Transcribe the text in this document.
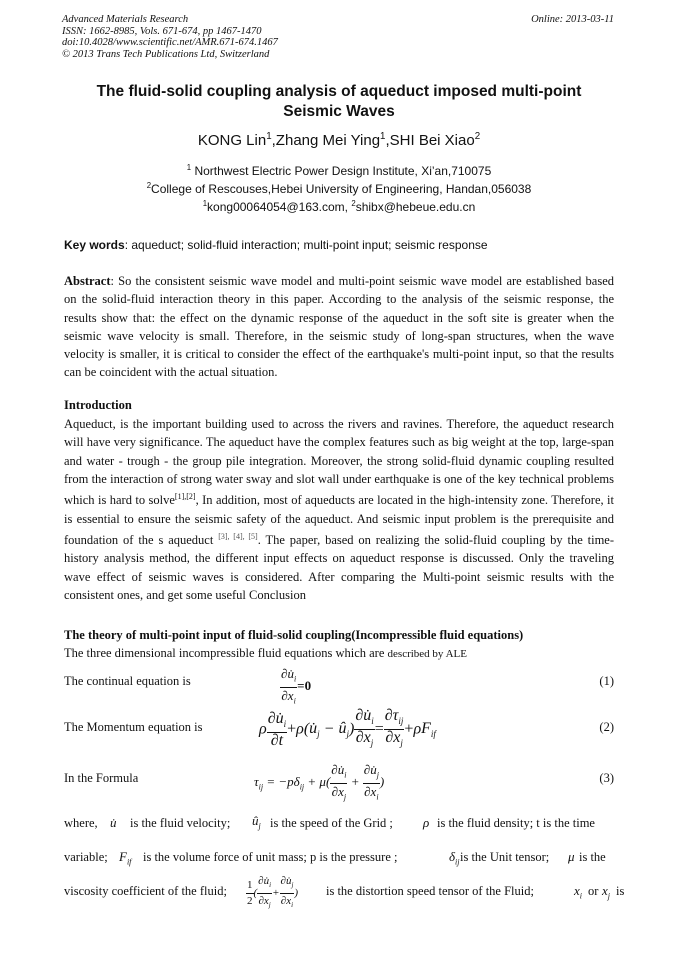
Advanced Materials Research
ISSN: 1662-8985, Vols. 671-674, pp 1467-1470
doi:10.4028/www.scientific.net/AMR.671-674.1467
© 2013 Trans Tech Publications Ltd, Switzerland
Online: 2013-03-11
The fluid-solid coupling analysis of aqueduct imposed multi-point
Seismic Waves
KONG Lin$^1$,Zhang Mei Ying$^1$,SHI Bei Xiao$^2$
$^1$ Northwest Electric Power Design Institute, Xi’an,710075
$^2$College of Rescouses,Hebei University of Engineering, Handan,056038
$^1$kong00064054@163.com, $^2$shibx@hebeue.edu.cn
Key words: aqueduct; solid-fluid interaction; multi-point input; seismic response
Abstract: So the consistent seismic wave model and multi-point seismic wave model are established based on the solid-fluid interaction theory in this paper. According to the analysis of the seismic response, the results show that: the effect on the dynamic response of the aqueduct in the soft site is greater when the seismic wave velocity is small. Therefore, in the seismic study of long-span structures, when the wave velocity is smaller, it is critical to consider the effect of the earthquake's multi-point input, so that the results can be coincident with the actual situation.
Introduction
Aqueduct, is the important building used to across the rivers and ravines. Therefore, the aqueduct research will have very significance. The aqueduct have the complex features such as big weight at the top, large-span and water - trough - the group pile integration. Moreover, the strong solid-fluid dynamic coupling resulted from the interaction of strong water sway and slot wall under earthquake is one of the key technical problems which is hard to solve[1],[2], In addition, most of aqueducts are located in the high-intensity zone. Therefore, it is essential to ensure the seismic safety of the aqueduct. And seismic input problem is the prerequisite and foundation of the s aqueduct [3], [4], [5]. The paper, based on realizing the solid-fluid coupling by the time-history analysis method, the different input effects on aqueduct response is discussed. Only the traveling wave effect of seismic waves is considered. After comparing the Multi-point seismic results with the consistent ones, and get some useful Conclusion
The theory of multi-point input of fluid-solid coupling(Incompressible fluid equations)
The three dimensional incompressible fluid equations which are described by ALE
The continual equation is	$\frac{\partial u̇_i}{\partial x_i} =0$	(1)
The Momentum equation is	ρ $\frac{\partial u̇_i}{\partial t}$ $+\rho(u̇_j$ − $û_j) \frac{\partial u̇_i}{\partial x_j} = \frac{\partial\tau_{ij}}{\partial x_j} +\rho F_{if}$
(2)
In the Formula	$\tau_{ij} = -p\delta_{ij} + \mu( \frac{\partial u̇_i}{\partial x_j} + \frac{\partial u̇_j}{\partial x_i}$ )	(3)
where, u̇ is the fluid velocity; $û_j$ is the speed of the Grid ; ρ is the fluid density; t is the time
variable; $F_{if}$ is the volume force of unit mass; p is the pressure ;	$\delta_{ij}$ is the Unit tensor; μ is the
viscosity coefficient of the fluid; $\frac{1}{2}$ ( $\frac{\partial u̇_i}{\partial x_j} + \frac{\partial u̇_j}{\partial x_i}$ ) is the distortion speed tensor of the Fluid;	$x_i$ or $x_j$ is
